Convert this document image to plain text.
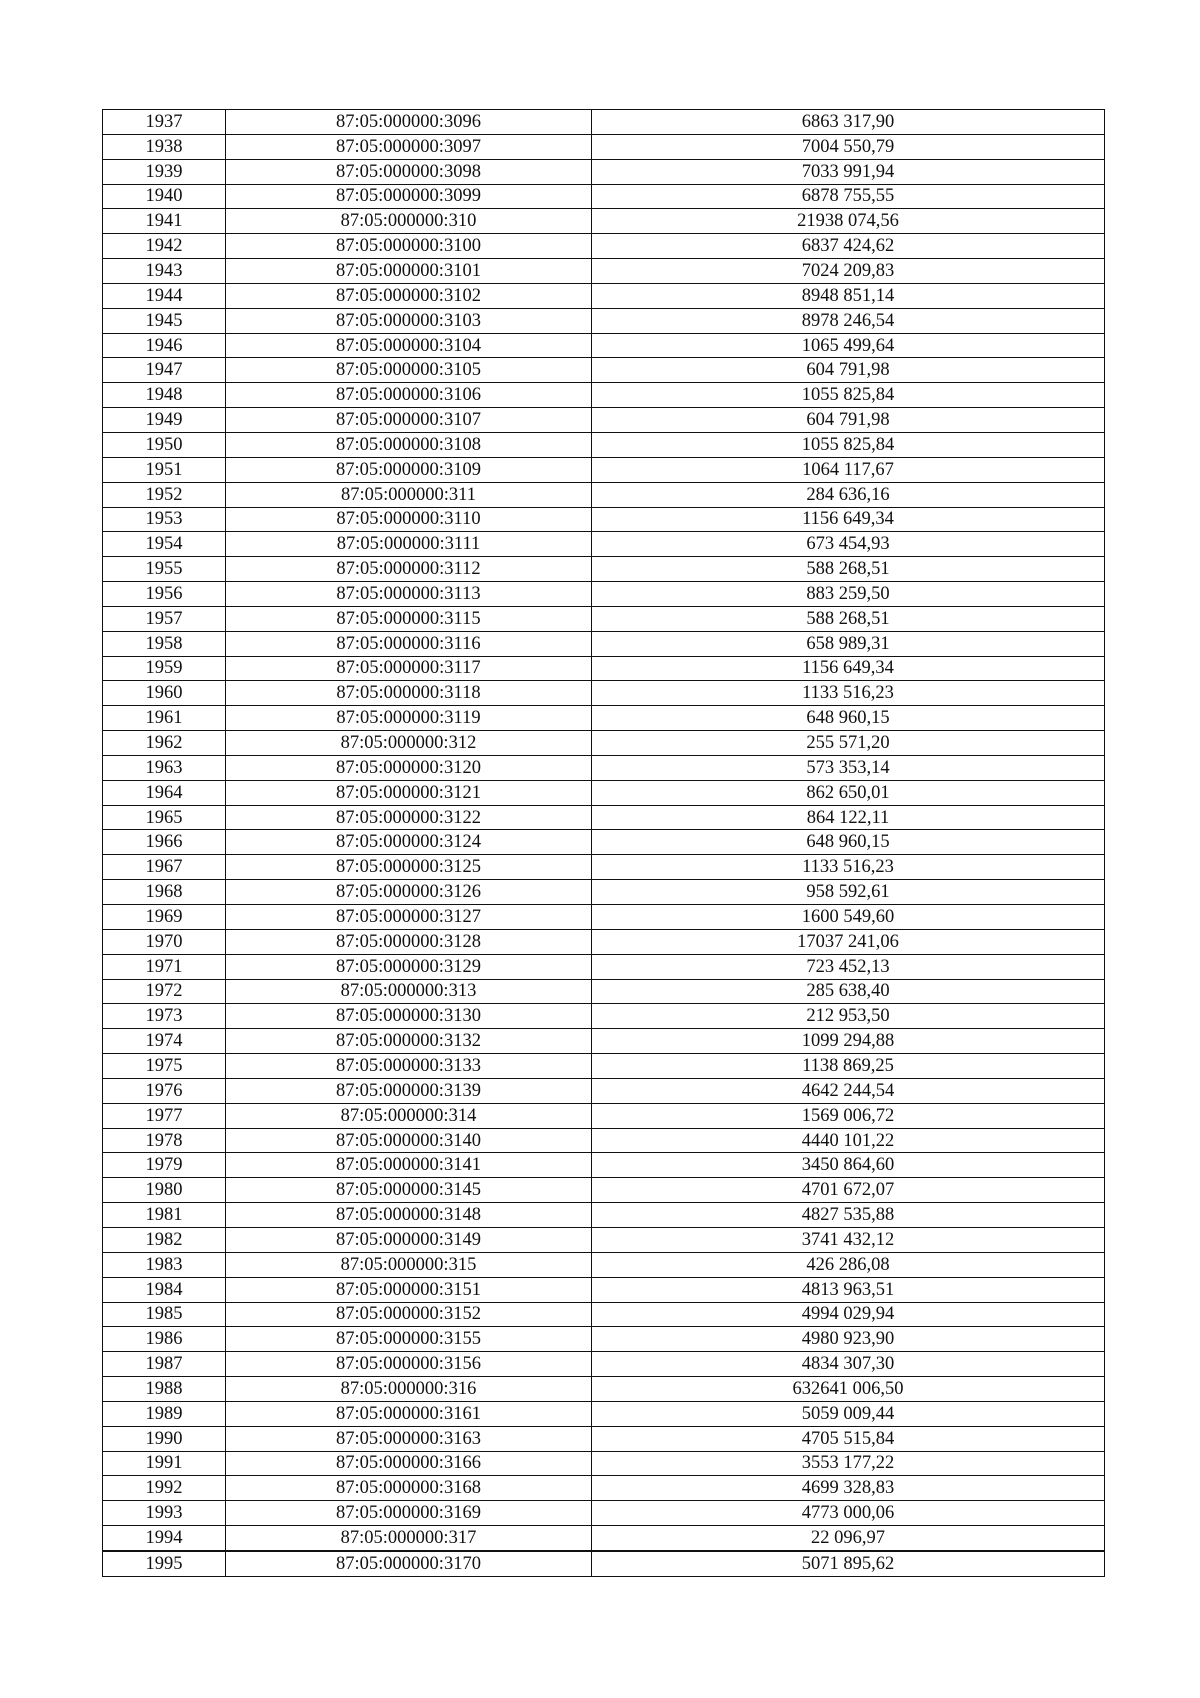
1937	87:05:000000:3096	6863 317,90
1938	87:05:000000:3097	7004 550,79
1939	87:05:000000:3098	7033 991,94
1940	87:05:000000:3099	6878 755,55
1941	87:05:000000:310	21938 074,56
1942	87:05:000000:3100	6837 424,62
1943	87:05:000000:3101	7024 209,83
1944	87:05:000000:3102	8948 851,14
1945	87:05:000000:3103	8978 246,54
1946	87:05:000000:3104	1065 499,64
1947	87:05:000000:3105	604 791,98
1948	87:05:000000:3106	1055 825,84
1949	87:05:000000:3107	604 791,98
1950	87:05:000000:3108	1055 825,84
1951	87:05:000000:3109	1064 117,67
1952	87:05:000000:311	284 636,16
1953	87:05:000000:3110	1156 649,34
1954	87:05:000000:3111	673 454,93
1955	87:05:000000:3112	588 268,51
1956	87:05:000000:3113	883 259,50
1957	87:05:000000:3115	588 268,51
1958	87:05:000000:3116	658 989,31
1959	87:05:000000:3117	1156 649,34
1960	87:05:000000:3118	1133 516,23
1961	87:05:000000:3119	648 960,15
1962	87:05:000000:312	255 571,20
1963	87:05:000000:3120	573 353,14
1964	87:05:000000:3121	862 650,01
1965	87:05:000000:3122	864 122,11
1966	87:05:000000:3124	648 960,15
1967	87:05:000000:3125	1133 516,23
1968	87:05:000000:3126	958 592,61
1969	87:05:000000:3127	1600 549,60
1970	87:05:000000:3128	17037 241,06
1971	87:05:000000:3129	723 452,13
1972	87:05:000000:313	285 638,40
1973	87:05:000000:3130	212 953,50
1974	87:05:000000:3132	1099 294,88
1975	87:05:000000:3133	1138 869,25
1976	87:05:000000:3139	4642 244,54
1977	87:05:000000:314	1569 006,72
1978	87:05:000000:3140	4440 101,22
1979	87:05:000000:3141	3450 864,60
1980	87:05:000000:3145	4701 672,07
1981	87:05:000000:3148	4827 535,88
1982	87:05:000000:3149	3741 432,12
1983	87:05:000000:315	426 286,08
1984	87:05:000000:3151	4813 963,51
1985	87:05:000000:3152	4994 029,94
1986	87:05:000000:3155	4980 923,90
1987	87:05:000000:3156	4834 307,30
1988	87:05:000000:316	632641 006,50
1989	87:05:000000:3161	5059 009,44
1990	87:05:000000:3163	4705 515,84
1991	87:05:000000:3166	3553 177,22
1992	87:05:000000:3168	4699 328,83
1993	87:05:000000:3169	4773 000,06
1994	87:05:000000:317	22 096,97
1995	87:05:000000:3170	5071 895,62
